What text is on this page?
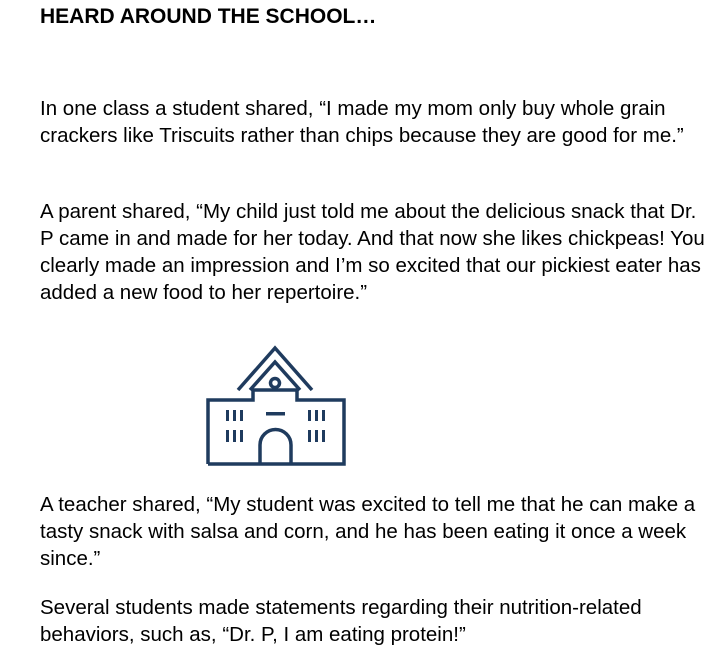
HEARD AROUND THE SCHOOL…

In one class a student shared, “I made my mom only buy whole grain crackers like Triscuits rather than chips because they are good for me.”

A parent shared, “My child just told me about the delicious snack that Dr. P came in and made for her today. And that now she likes chickpeas! You clearly made an impression and I’m so excited that our pickiest eater has added a new food to her repertoire.”

A teacher shared, “My student was excited to tell me that he can make a tasty snack with salsa and corn, and he has been eating it once a week since.”

Several students made statements regarding their nutrition-related behaviors, such as, “Dr. P, I am eating protein!”
